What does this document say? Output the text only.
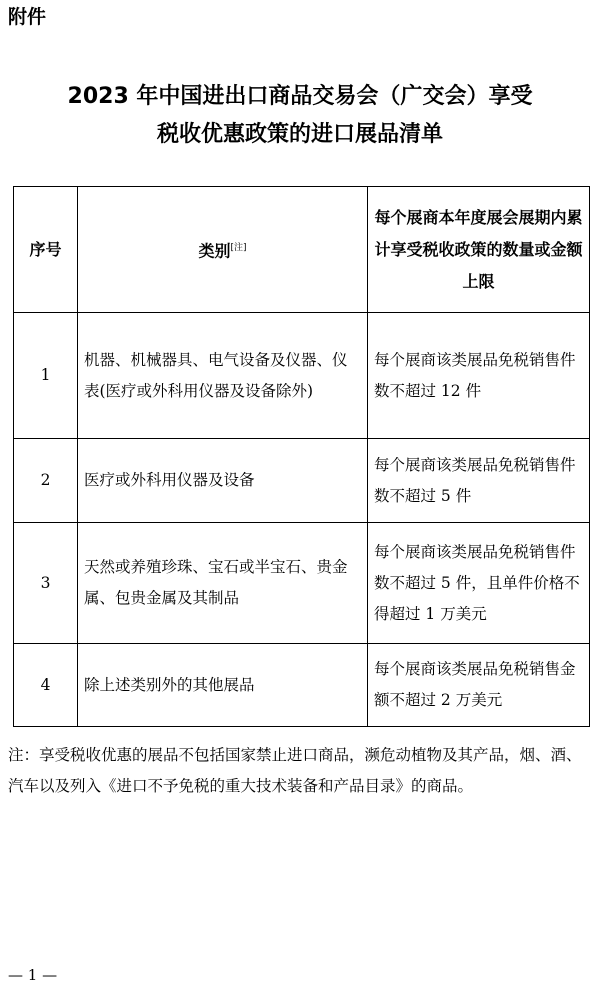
附件
2023 年中国进出口商品交易会（广交会）享受
税收优惠政策的进口展品清单
序号	类别[注]	每个展商本年度展会展期内累计享受税收政策的数量或金额上限
1	机器、机械器具、电气设备及仪器、仪表(医疗或外科用仪器及设备除外)	每个展商该类展品免税销售件数不超过 12 件
2	医疗或外科用仪器及设备	每个展商该类展品免税销售件数不超过 5 件
3	天然或养殖珍珠、宝石或半宝石、贵金属、包贵金属及其制品	每个展商该类展品免税销售件数不超过 5 件，且单件价格不得超过 1 万美元
4	除上述类别外的其他展品	每个展商该类展品免税销售金额不超过 2 万美元
注：享受税收优惠的展品不包括国家禁止进口商品，濒危动植物及其产品，烟、酒、汽车以及列入《进口不予免税的重大技术装备和产品目录》的商品。
— 1 —
